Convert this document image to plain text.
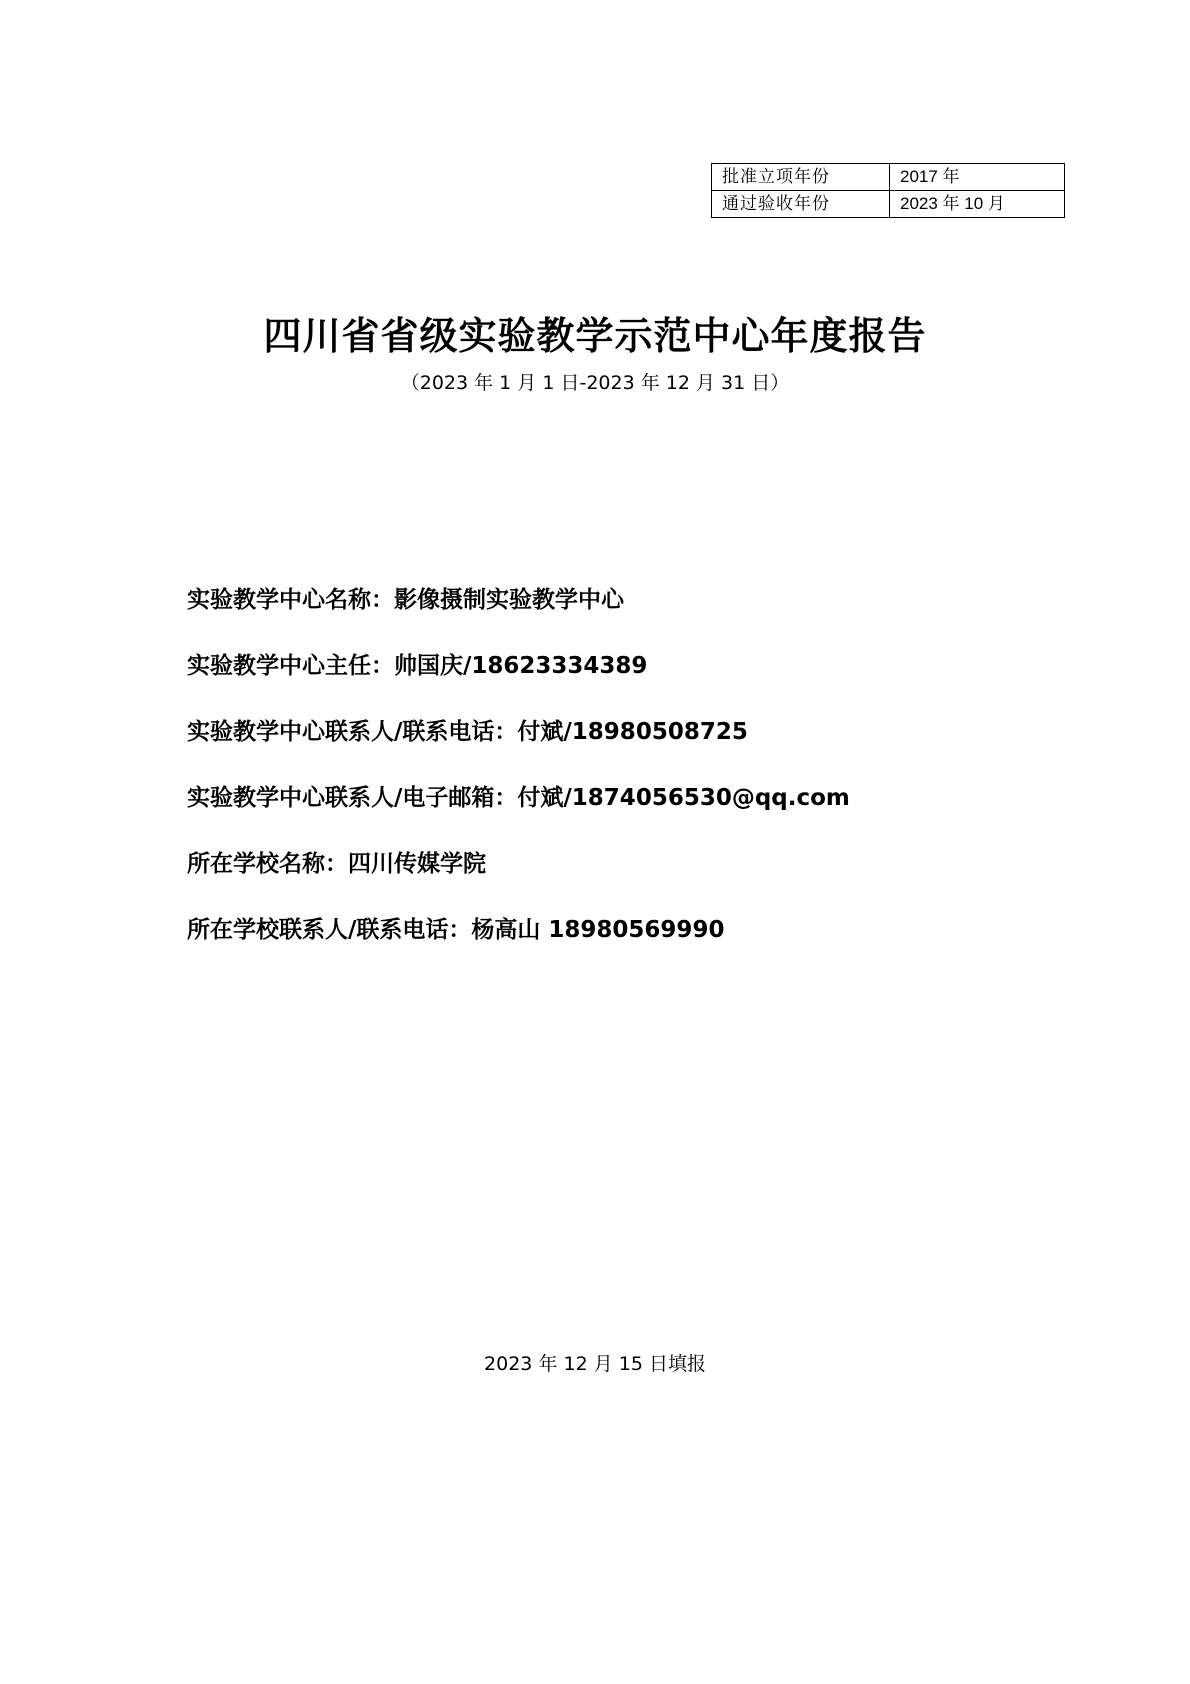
批准立项年份	2017 年
通过验收年份	2023 年 10 月
四川省省级实验教学示范中心年度报告
（2023 年 1 月 1 日-2023 年 12 月 31 日）
实验教学中心名称：影像摄制实验教学中心
实验教学中心主任：帅国庆/18623334389
实验教学中心联系人/联系电话：付斌/18980508725
实验教学中心联系人/电子邮箱：付斌/1874056530@qq.com
所在学校名称：四川传媒学院
所在学校联系人/联系电话：杨高山 18980569990
2023 年 12 月 15 日填报
